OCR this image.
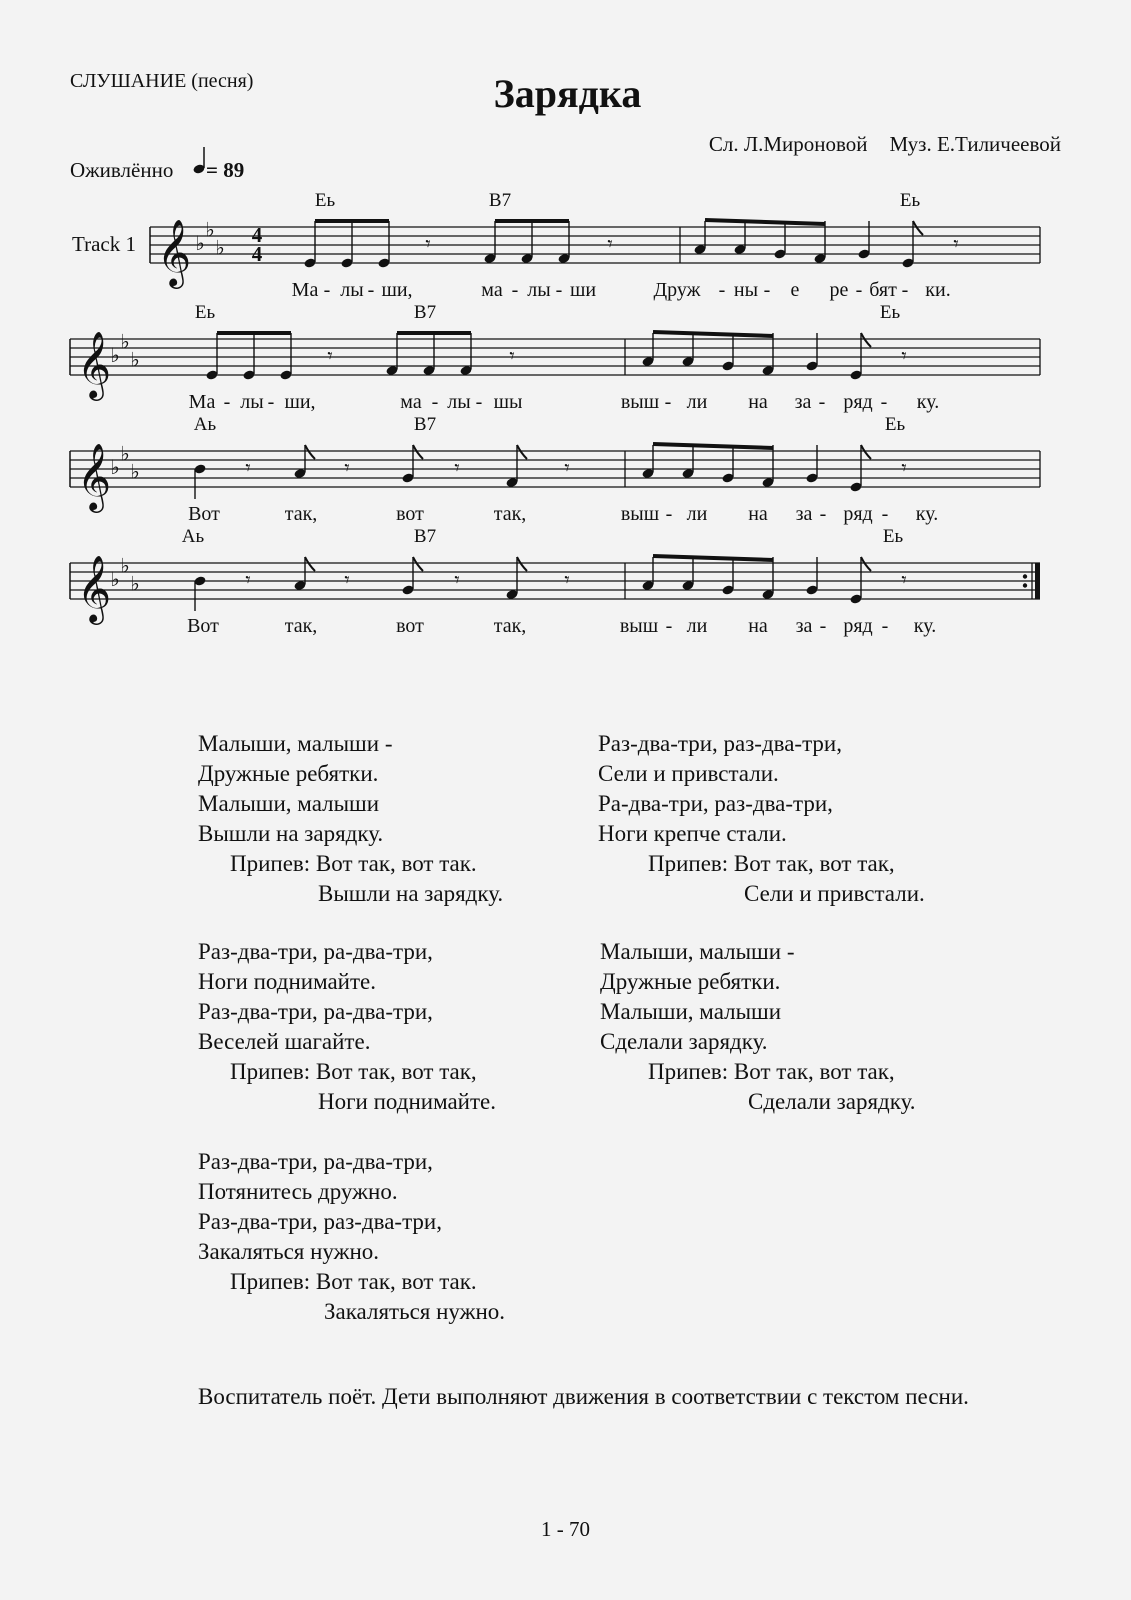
СЛУШАНИЕ (песня)	Зарядка
Сл. Л.Мироновой Муз. Е.Тиличеевой
Оживлённо = 89
Track 1 𝄞 ♭
♭
♭
4
4	𝄾	𝄾	𝄾
Еь	B7	Еь
Ма - лы - ши,	ма - лы - ши	Друж - ны - е ре - бят - ки.
𝄞 ♭
♭
♭	𝄾	𝄾	𝄾
Еь	B7	Еь
Ма - лы - ши,	ма - лы - шы	выш - ли на за - ряд - ку.
𝄞 ♭
♭
♭	𝄾	𝄾	𝄾	𝄾	𝄾
Аь	B7	Еь
Вот	так,	вот	так,	выш - ли на за - ряд - ку.
𝄞 ♭
♭
♭	𝄾	𝄾	𝄾	𝄾	𝄾
Аь	B7	Еь
Вот	так,	вот	так,	выш - ли на за - ряд - ку.
Малыши, малыши -
Дружные ребятки.
Малыши, малыши
Вышли на зарядку.
Припев: Вот так, вот так.
Вышли на зарядку.
Раз-два-три, раз-два-три,
Сели и привстали.
Ра-два-три, раз-два-три,
Ноги крепче стали.
Припев: Вот так, вот так,
Сели и привстали.
Раз-два-три, ра-два-три,
Ноги поднимайте.
Раз-два-три, ра-два-три,
Веселей шагайте.
Припев: Вот так, вот так,
Ноги поднимайте.
Малыши, малыши -
Дружные ребятки.
Малыши, малыши
Сделали зарядку.
Припев: Вот так, вот так,
Сделали зарядку.
Раз-два-три, ра-два-три,
Потянитесь дружно.
Раз-два-три, раз-два-три,
Закаляться нужно.
Припев: Вот так, вот так.
Закаляться нужно.
Воспитатель поёт. Дети выполняют движения в соответствии с текстом песни.
1 - 70
